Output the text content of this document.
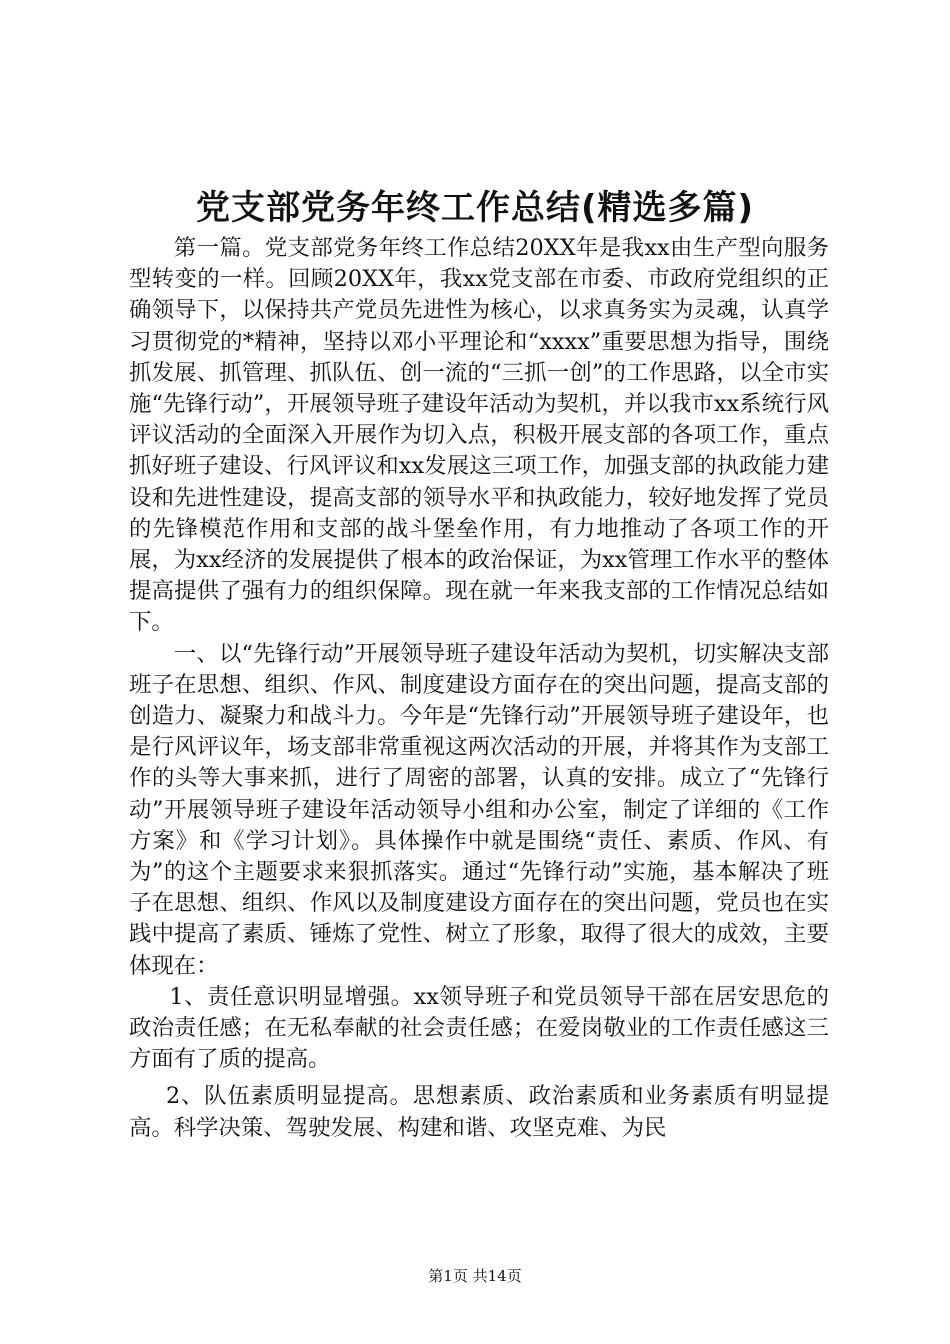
党支部党务年终工作总结(精选多篇)

第一篇。党支部党务年终工作总结20XX年是我xx由生产型向服务型转变的一样。回顾20XX年，我xx党支部在市委、市政府党组织的正确领导下，以保持共产党员先进性为核心，以求真务实为灵魂，认真学习贯彻党的*精神，坚持以邓小平理论和“xxxx”重要思想为指导，围绕抓发展、抓管理、抓队伍、创一流的“三抓一创”的工作思路，以全市实施“先锋行动”，开展领导班子建设年活动为契机，并以我市xx系统行风评议活动的全面深入开展作为切入点，积极开展支部的各项工作，重点抓好班子建设、行风评议和xx发展这三项工作，加强支部的执政能力建设和先进性建设，提高支部的领导水平和执政能力，较好地发挥了党员的先锋模范作用和支部的战斗堡垒作用，有力地推动了各项工作的开展，为xx经济的发展提供了根本的政治保证，为xx管理工作水平的整体提高提供了强有力的组织保障。现在就一年来我支部的工作情况总结如下。

一、以“先锋行动”开展领导班子建设年活动为契机，切实解决支部班子在思想、组织、作风、制度建设方面存在的突出问题，提高支部的创造力、凝聚力和战斗力。今年是“先锋行动”开展领导班子建设年，也是行风评议年，场支部非常重视这两次活动的开展，并将其作为支部工作的头等大事来抓，进行了周密的部署，认真的安排。成立了“先锋行动”开展领导班子建设年活动领导小组和办公室，制定了详细的《工作方案》和《学习计划》。具体操作中就是围绕“责任、素质、作风、有为”的这个主题要求来狠抓落实。通过“先锋行动”实施，基本解决了班子在思想、组织、作风以及制度建设方面存在的突出问题，党员也在实践中提高了素质、锤炼了党性、树立了形象，取得了很大的成效，主要体现在：

1、责任意识明显增强。xx领导班子和党员领导干部在居安思危的政治责任感；在无私奉献的社会责任感；在爱岗敬业的工作责任感这三方面有了质的提高。

2、队伍素质明显提高。思想素质、政治素质和业务素质有明显提高。科学决策、驾驶发展、构建和谐、攻坚克难、为民

第1页 共14页
